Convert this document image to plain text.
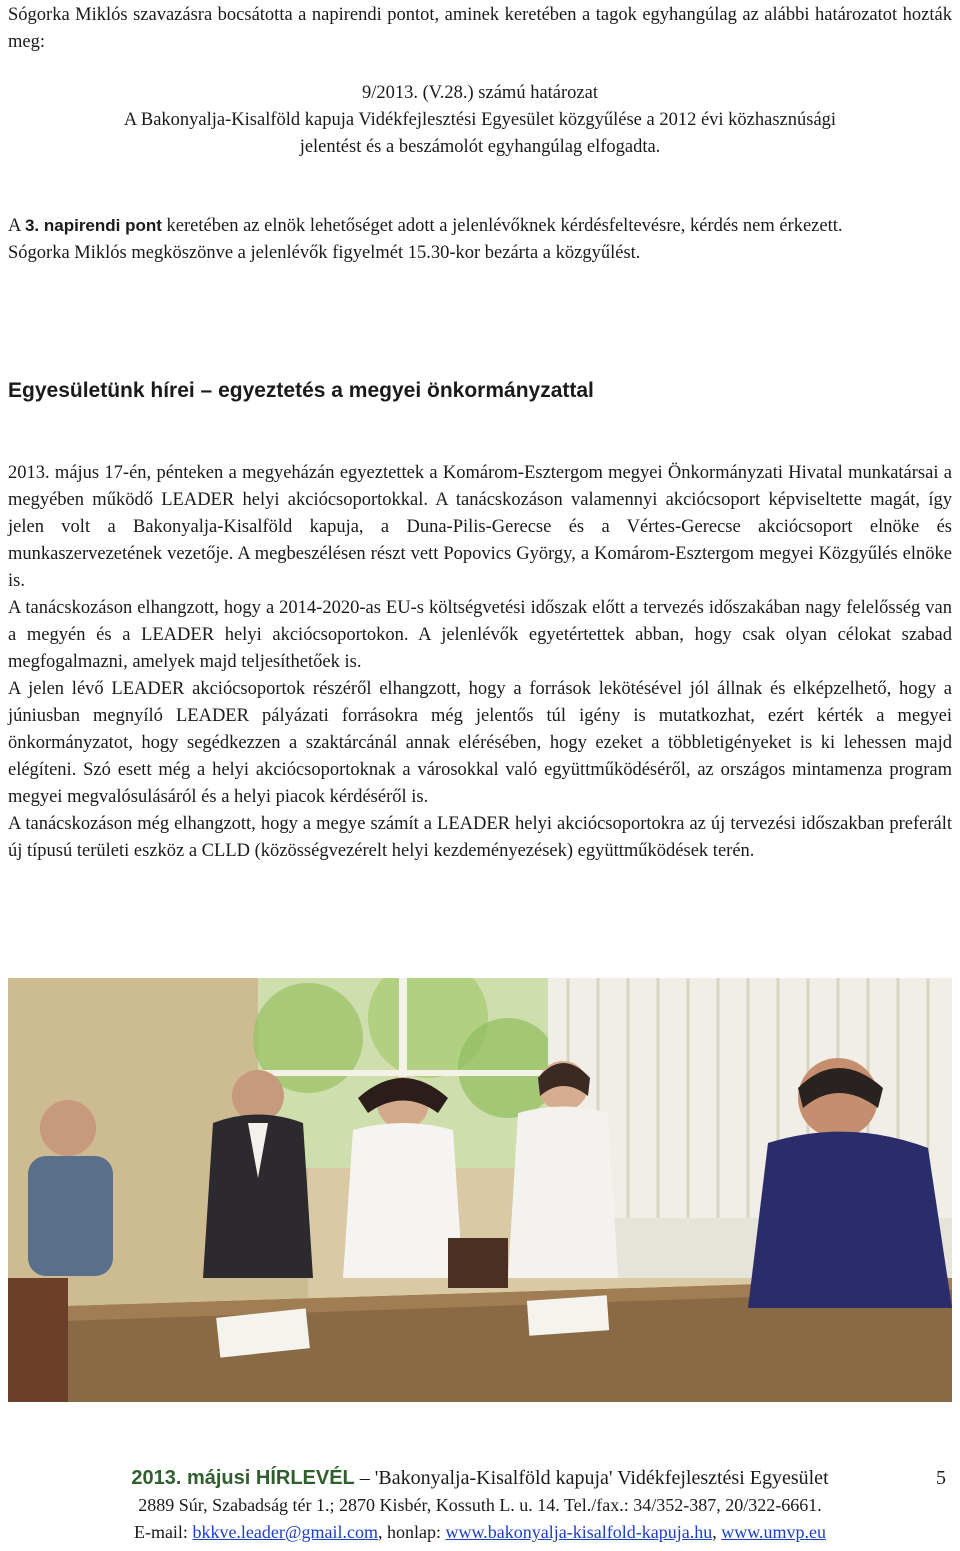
Sógorka Miklós szavazásra bocsátotta a napirendi pontot, aminek keretében a tagok egyhangúlag az alábbi határozatot hozták meg:

9/2013. (V.28.) számú határozat
A Bakonyalja-Kisalföld kapuja Vidékfejlesztési Egyesület közgyűlése a 2012 évi közhasznúsági
jelentést és a beszámolót egyhangúlag elfogadta.

A 3. napirendi pont keretében az elnök lehetőséget adott a jelenlévőknek kérdésfeltevésre, kérdés nem érkezett.

Sógorka Miklós megköszönve a jelenlévők figyelmét 15.30-kor bezárta a közgyűlést.

Egyesületünk hírei – egyeztetés a megyei önkormányzattal

2013. május 17-én, pénteken a megyeházán egyeztettek a Komárom-Esztergom megyei Önkormányzati Hivatal munkatársai a megyében működő LEADER helyi akciócsoportokkal. A tanácskozáson valamennyi akciócsoport képviseltette magát, így jelen volt a Bakonyalja-Kisalföld kapuja, a Duna-Pilis-Gerecse és a Vértes-Gerecse akciócsoport elnöke és munkaszervezetének vezetője. A megbeszélésen részt vett Popovics György, a Komárom-Esztergom megyei Közgyűlés elnöke is.

A tanácskozáson elhangzott, hogy a 2014-2020-as EU-s költségvetési időszak előtt a tervezés időszakában nagy felelősség van a megyén és a LEADER helyi akciócsoportokon. A jelenlévők egyetértettek abban, hogy csak olyan célokat szabad megfogalmazni, amelyek majd teljesíthetőek is.

A jelen lévő LEADER akciócsoportok részéről elhangzott, hogy a források lekötésével jól állnak és elképzelhető, hogy a júniusban megnyíló LEADER pályázati forrásokra még jelentős túl igény is mutatkozhat, ezért kérték a megyei önkormányzatot, hogy segédkezzen a szaktárcánál annak elérésében, hogy ezeket a többletigényeket is ki lehessen majd elégíteni. Szó esett még a helyi akciócsoportoknak a városokkal való együttműködéséről, az országos mintamenza program megyei megvalósulásáról és a helyi piacok kérdéséről is.

A tanácskozáson még elhangzott, hogy a megye számít a LEADER helyi akciócsoportokra az új tervezési időszakban preferált új típusú területi eszköz a CLLD (közösségvezérelt helyi kezdeményezések) együttműködések terén.

2013. májusi HÍRLEVÉL – 'Bakonyalja-Kisalföld kapuja' Vidékfejlesztési Egyesület	5
2889 Súr, Szabadság tér 1.; 2870 Kisbér, Kossuth L. u. 14. Tel./fax.: 34/352-387, 20/322-6661.
E-mail: bkkve.leader@gmail.com, honlap: www.bakonyalja-kisalfold-kapuja.hu, www.umvp.eu
